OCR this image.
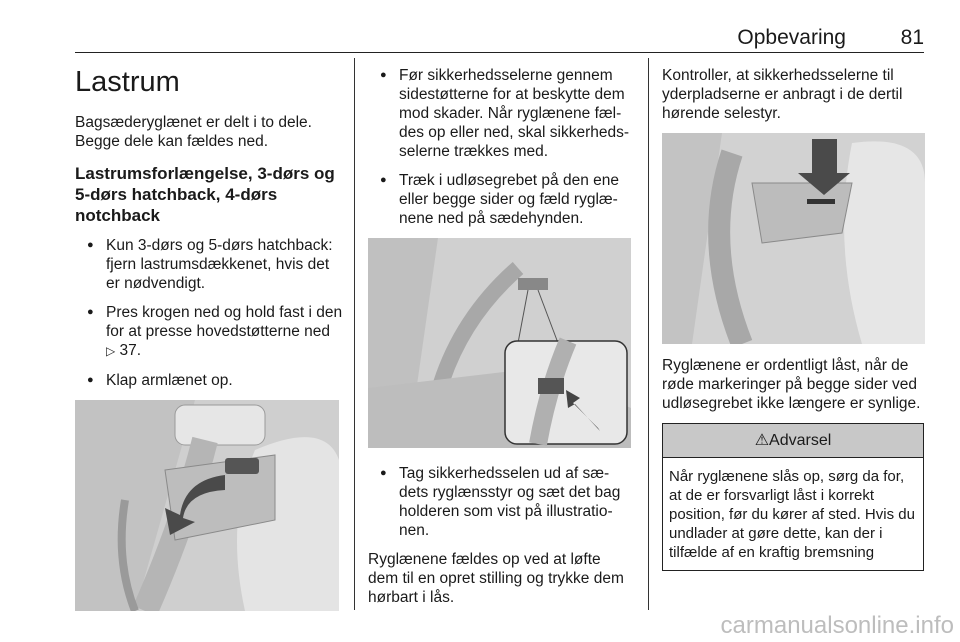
Opbevaring	81
Lastrum

Bagsæderyglænet er delt i to dele. Begge dele kan fældes ned.

Lastrumsforlængelse, 3-dørs og 5-dørs hatchback, 4-dørs notchback
● Kun 3-dørs og 5-dørs hatchback: fjern lastrumsdækkenet, hvis det er nødvendigt.
● Pres krogen ned og hold fast i den for at presse hovedstøtterne ned ▷ 37.
● Klap armlænet op.
● Før sikkerhedsselerne gennem sidestøtterne for at beskytte dem mod skader. Når ryglænene fæl-des op eller ned, skal sikkerheds-selerne trækkes med.
● Træk i udløsegrebet på den ene eller begge sider og fæld ryglæ-nene ned på sædehynden.
● Tag sikkerhedsselen ud af sæ-dets ryglænsstyr og sæt det bag holderen som vist på illustratio-nen.

Ryglænene fældes op ved at løfte dem til en opret stilling og trykke dem hørbart i lås.

Kontroller, at sikkerhedsselerne til yderpladserne er anbragt i de dertil hørende selestyr.

Ryglænene er ordentligt låst, når de røde markeringer på begge sider ved udløsegrebet ikke længere er synlige.

⚠Advarsel
Når ryglænene slås op, sørg da for, at de er forsvarligt låst i korrekt position, før du kører af sted. Hvis du undlader at gøre dette, kan der i tilfælde af en kraftig bremsning
carmanualsonline.info
